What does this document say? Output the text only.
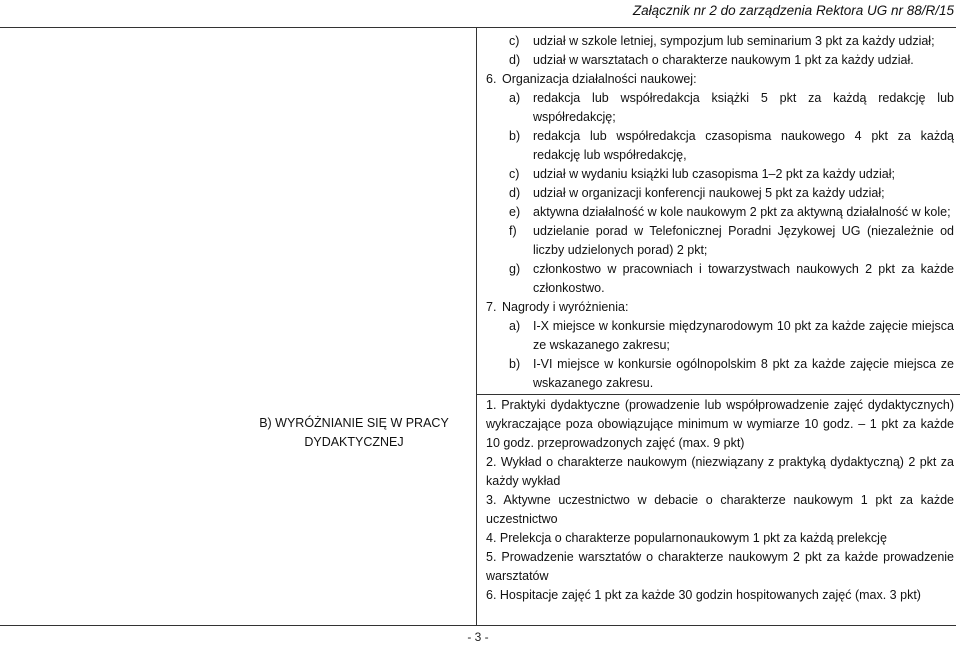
Załącznik nr 2 do zarządzenia Rektora UG nr 88/R/15
B) WYRÓŻNIANIE SIĘ W PRACY DYDAKTYCZNEJ
c) udział w szkole letniej, sympozjum lub seminarium 3 pkt za każdy udział;
d) udział w warsztatach o charakterze naukowym 1 pkt za każdy udział.
6. Organizacja działalności naukowej:
a) redakcja lub współredakcja książki 5 pkt za każdą redakcję lub współredakcję;
b) redakcja lub współredakcja czasopisma naukowego 4 pkt za każdą redakcję lub współredakcję,
c) udział w wydaniu książki lub czasopisma 1–2 pkt za każdy udział;
d) udział w organizacji konferencji naukowej 5 pkt za każdy udział;
e) aktywna działalność w kole naukowym 2 pkt za aktywną działalność w kole;
f) udzielanie porad w Telefonicznej Poradni Językowej UG (niezależnie od liczby udzielonych porad) 2 pkt;
g) członkostwo w pracowniach i towarzystwach naukowych 2 pkt za każde członkostwo.
7. Nagrody i wyróżnienia:
a) I-X miejsce w konkursie międzynarodowym 10 pkt za każde zajęcie miejsca ze wskazanego zakresu;
b) I-VI miejsce w konkursie ogólnopolskim 8 pkt za każde zajęcie miejsca ze wskazanego zakresu.
1. Praktyki dydaktyczne (prowadzenie lub współprowadzenie zajęć dydaktycznych) wykraczające poza obowiązujące minimum w wymiarze 10 godz. – 1 pkt za każde 10 godz. przeprowadzonych zajęć (max. 9 pkt)
2. Wykład o charakterze naukowym (niezwiązany z praktyką dydaktyczną) 2 pkt za każdy wykład
3. Aktywne uczestnictwo w debacie o charakterze naukowym 1 pkt za każde uczestnictwo
4. Prelekcja o charakterze popularnonaukowym 1 pkt za każdą prelekcję
5. Prowadzenie warsztatów o charakterze naukowym 2 pkt za każde prowadzenie warsztatów
6. Hospitacje zajęć 1 pkt za każde 30 godzin hospitowanych zajęć (max. 3 pkt)
- 3 -
